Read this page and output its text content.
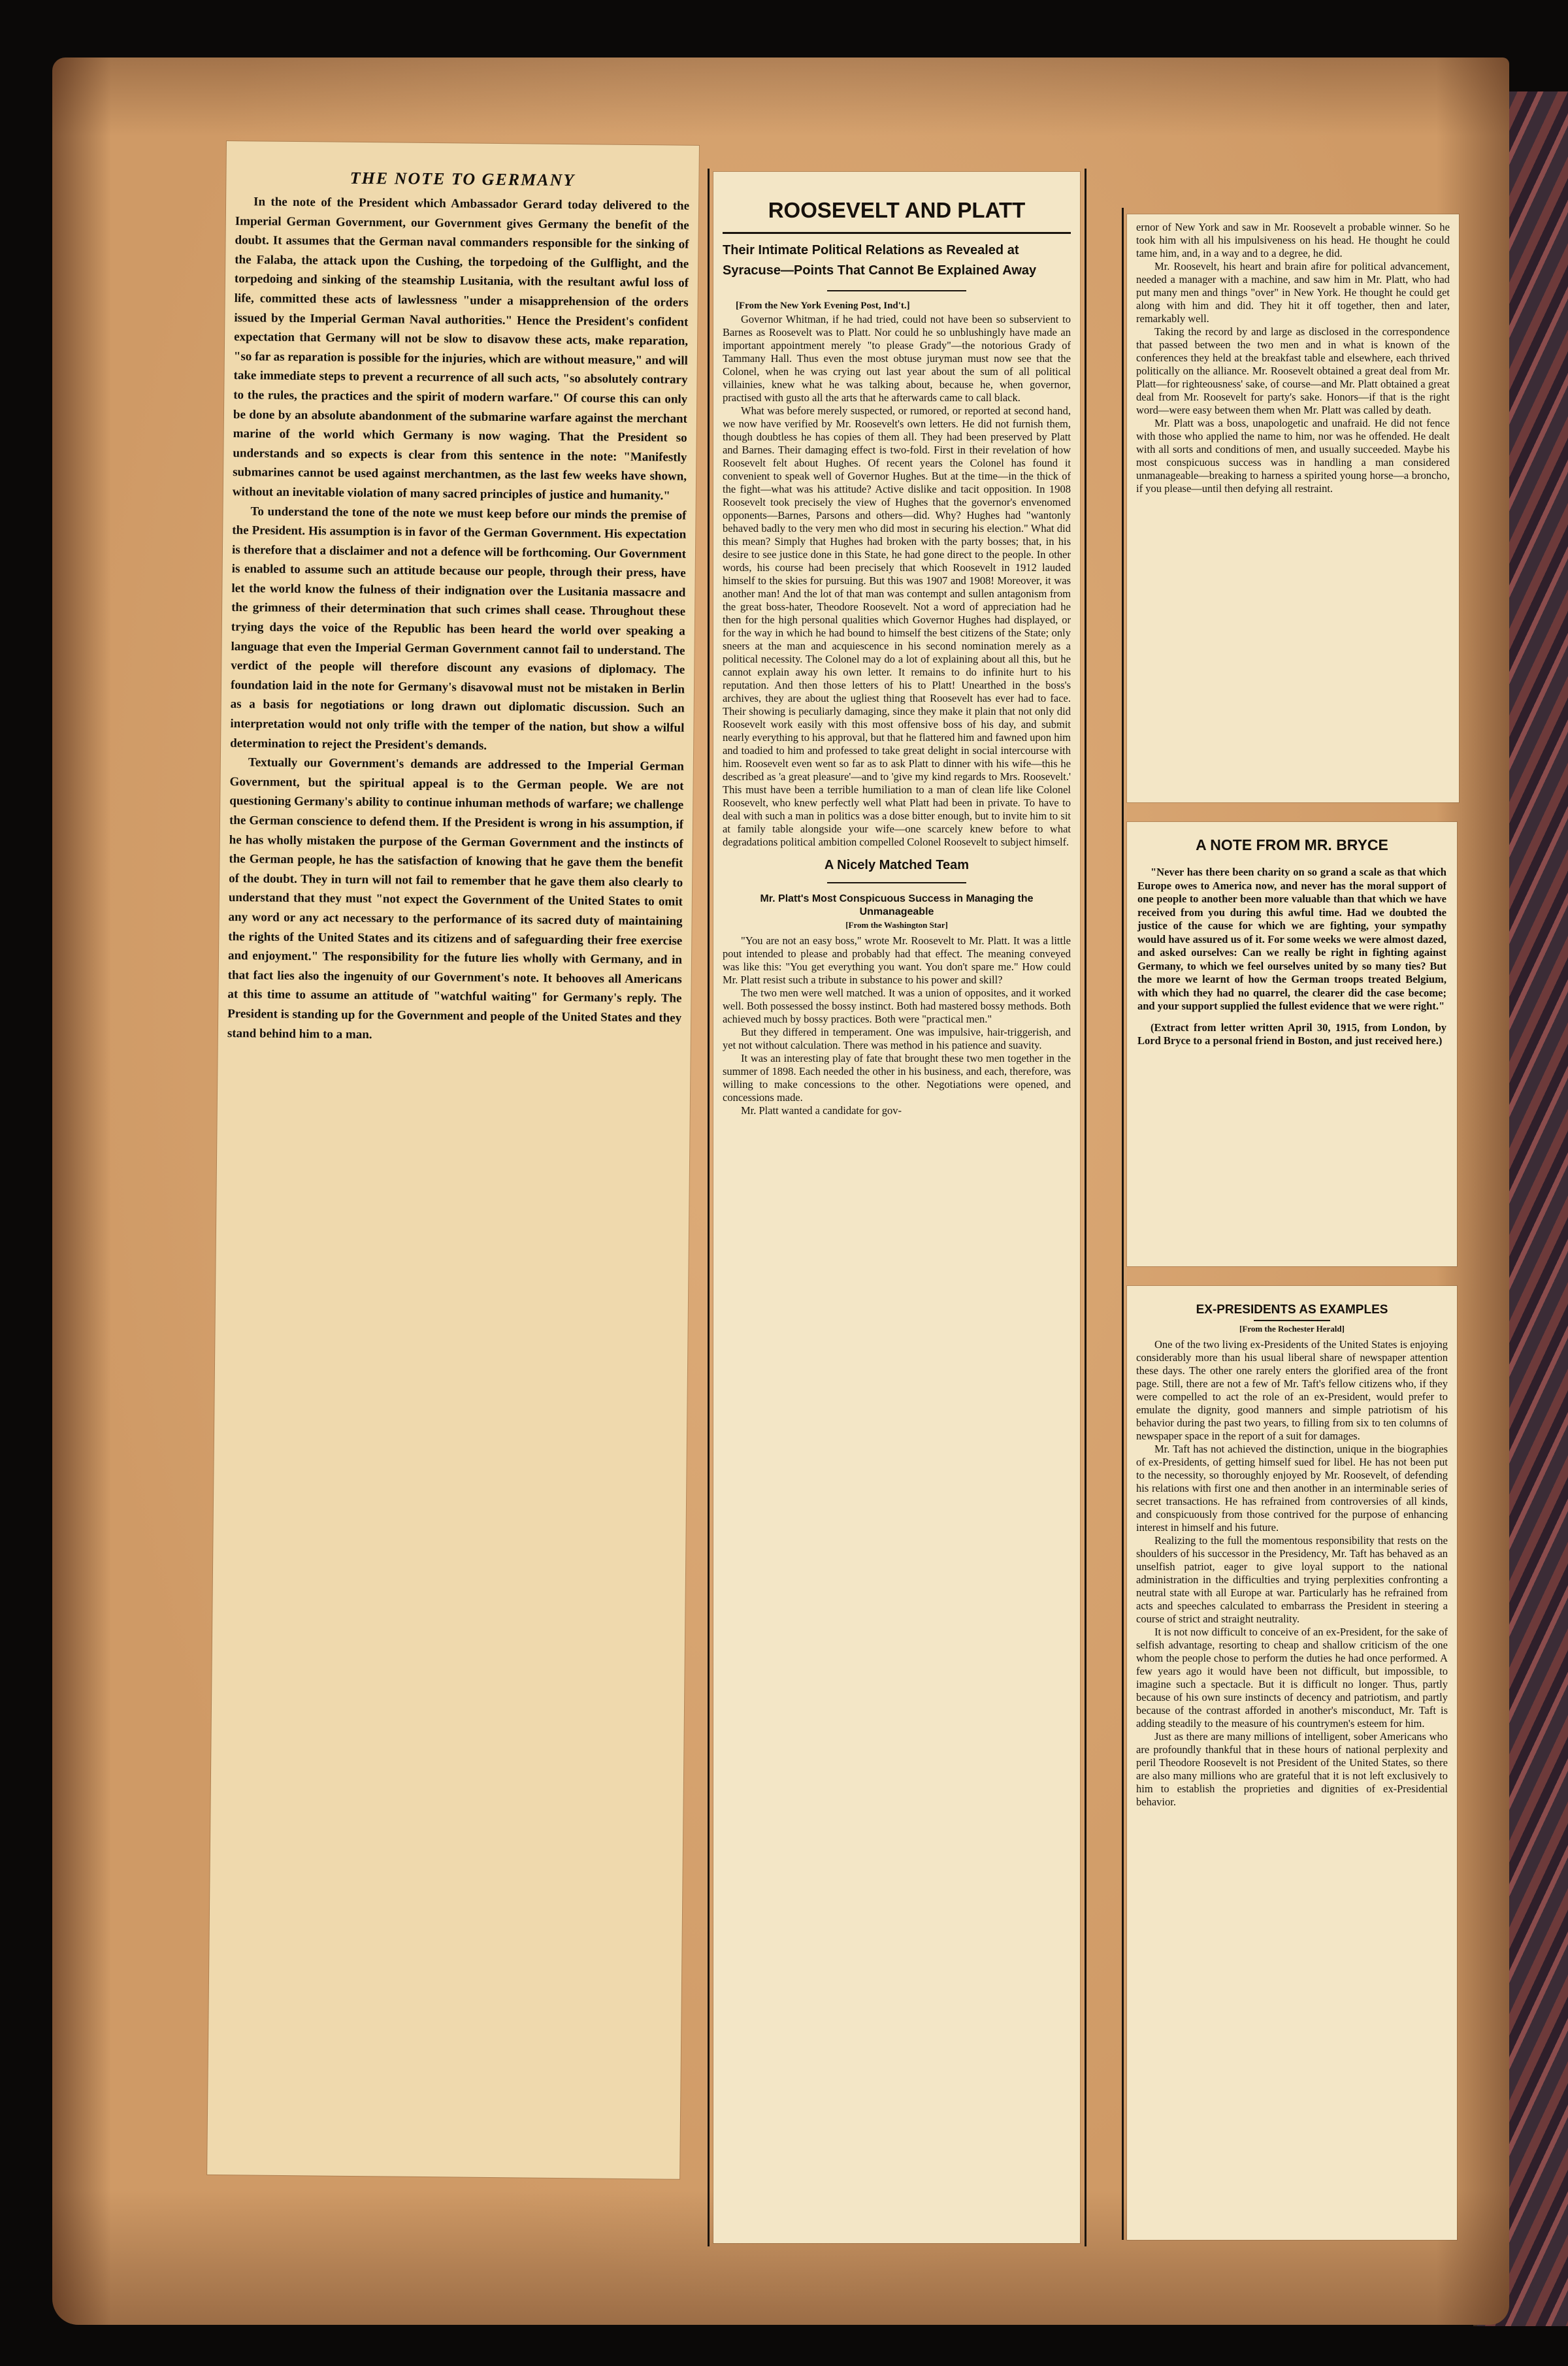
THE NOTE TO GERMANY

In the note of the President which Ambassador Gerard today delivered to the Imperial German Government, our Government gives Germany the benefit of the doubt. It assumes that the German naval commanders responsible for the sinking of the Falaba, the attack upon the Cushing, the torpedoing of the Gulflight, and the torpedoing and sinking of the steamship Lusitania, with the resultant awful loss of life, committed these acts of lawlessness "under a misapprehension of the orders issued by the Imperial German Naval authorities." Hence the President's confident expectation that Germany will not be slow to disavow these acts, make reparation, "so far as reparation is possible for the injuries, which are without measure," and will take immediate steps to prevent a recurrence of all such acts, "so absolutely contrary to the rules, the practices and the spirit of modern warfare." Of course this can only be done by an absolute abandonment of the submarine warfare against the merchant marine of the world which Germany is now waging. That the President so understands and so expects is clear from this sentence in the note: "Manifestly submarines cannot be used against merchantmen, as the last few weeks have shown, without an inevitable violation of many sacred principles of justice and humanity."

To understand the tone of the note we must keep before our minds the premise of the President. His assumption is in favor of the German Government. His expectation is therefore that a disclaimer and not a defence will be forthcoming. Our Government is enabled to assume such an attitude because our people, through their press, have let the world know the fulness of their indignation over the Lusitania massacre and the grimness of their determination that such crimes shall cease. Throughout these trying days the voice of the Republic has been heard the world over speaking a language that even the Imperial German Government cannot fail to understand. The verdict of the people will therefore discount any evasions of diplomacy. The foundation laid in the note for Germany's disavowal must not be mistaken in Berlin as a basis for negotiations or long drawn out diplomatic discussion. Such an interpretation would not only trifle with the temper of the nation, but show a wilful determination to reject the President's demands.

Textually our Government's demands are addressed to the Imperial German Government, but the spiritual appeal is to the German people. We are not questioning Germany's ability to continue inhuman methods of warfare; we challenge the German conscience to defend them. If the President is wrong in his assumption, if he has wholly mistaken the purpose of the German Government and the instincts of the German people, he has the satisfaction of knowing that he gave them the benefit of the doubt. They in turn will not fail to remember that he gave them also clearly to understand that they must "not expect the Government of the United States to omit any word or any act necessary to the performance of its sacred duty of maintaining the rights of the United States and its citizens and of safeguarding their free exercise and enjoyment." The responsibility for the future lies wholly with Germany, and in that fact lies also the ingenuity of our Government's note. It behooves all Americans at this time to assume an attitude of "watchful waiting" for Germany's reply. The President is standing up for the Government and people of the United States and they stand behind him to a man.

ROOSEVELT AND PLATT
Their Intimate Political Relations as Revealed at Syracuse—Points That Cannot Be Explained Away
[From the New York Evening Post, Ind't.]

Governor Whitman, if he had tried, could not have been so subservient to Barnes as Roosevelt was to Platt. Nor could he so unblushingly have made an important appointment merely "to please Grady"—the notorious Grady of Tammany Hall. Thus even the most obtuse juryman must now see that the Colonel, when he was crying out last year about the sum of all political villainies, knew what he was talking about, because he, when governor, practised with gusto all the arts that he afterwards came to call black.

What was before merely suspected, or rumored, or reported at second hand, we now have verified by Mr. Roosevelt's own letters. He did not furnish them, though doubtless he has copies of them all. They had been preserved by Platt and Barnes. Their damaging effect is two-fold. First in their revelation of how Roosevelt felt about Hughes. Of recent years the Colonel has found it convenient to speak well of Governor Hughes. But at the time—in the thick of the fight—what was his attitude? Active dislike and tacit opposition. In 1908 Roosevelt took precisely the view of Hughes that the governor's envenomed opponents—Barnes, Parsons and others—did. Why? Hughes had "wantonly behaved badly to the very men who did most in securing his election." What did this mean? Simply that Hughes had broken with the party bosses; that, in his desire to see justice done in this State, he had gone direct to the people. In other words, his course had been precisely that which Roosevelt in 1912 lauded himself to the skies for pursuing. But this was 1907 and 1908! Moreover, it was another man! And the lot of that man was contempt and sullen antagonism from the great boss-hater, Theodore Roosevelt. Not a word of appreciation had he then for the high personal qualities which Governor Hughes had displayed, or for the way in which he had bound to himself the best citizens of the State; only sneers at the man and acquiescence in his second nomination merely as a political necessity. The Colonel may do a lot of explaining about all this, but he cannot explain away his own letter. It remains to do infinite hurt to his reputation. And then those letters of his to Platt! Unearthed in the boss's archives, they are about the ugliest thing that Roosevelt has ever had to face. Their showing is peculiarly damaging, since they make it plain that not only did Roosevelt work easily with this most offensive boss of his day, and submit nearly everything to his approval, but that he flattered him and fawned upon him and toadied to him and professed to take great delight in social intercourse with him. Roosevelt even went so far as to ask Platt to dinner with his wife—this he described as 'a great pleasure'—and to 'give my kind regards to Mrs. Roosevelt.' This must have been a terrible humiliation to a man of clean life like Colonel Roosevelt, who knew perfectly well what Platt had been in private. To have to deal with such a man in politics was a dose bitter enough, but to invite him to sit at family table alongside your wife—one scarcely knew before to what degradations political ambition compelled Colonel Roosevelt to subject himself.

A Nicely Matched Team
Mr. Platt's Most Conspicuous Success in Managing the Unmanageable
[From the Washington Star]

"You are not an easy boss," wrote Mr. Roosevelt to Mr. Platt. It was a little pout intended to please and probably had that effect. The meaning conveyed was like this: "You get everything you want. You don't spare me." How could Mr. Platt resist such a tribute in substance to his power and skill?

The two men were well matched. It was a union of opposites, and it worked well. Both possessed the bossy instinct. Both had mastered bossy methods. Both achieved much by bossy practices. Both were "practical men."

But they differed in temperament. One was impulsive, hair-triggerish, and yet not without calculation. There was method in his patience and suavity.

It was an interesting play of fate that brought these two men together in the summer of 1898. Each needed the other in his business, and each, therefore, was willing to make concessions to the other. Negotiations were opened, and concessions made.

Mr. Platt wanted a candidate for gov-

ernor of New York and saw in Mr. Roosevelt a probable winner. So he took him with all his impulsiveness on his head. He thought he could tame him, and, in a way and to a degree, he did.

Mr. Roosevelt, his heart and brain afire for political advancement, needed a manager with a machine, and saw him in Mr. Platt, who had put many men and things "over" in New York. He thought he could get along with him and did. They hit it off together, then and later, remarkably well.

Taking the record by and large as disclosed in the correspondence that passed between the two men and in what is known of the conferences they held at the breakfast table and elsewhere, each thrived politically on the alliance. Mr. Roosevelt obtained a great deal from Mr. Platt—for righteousness' sake, of course—and Mr. Platt obtained a great deal from Mr. Roosevelt for party's sake. Honors—if that is the right word—were easy between them when Mr. Platt was called by death.

Mr. Platt was a boss, unapologetic and unafraid. He did not fence with those who applied the name to him, nor was he offended. He dealt with all sorts and conditions of men, and usually succeeded. Maybe his most conspicuous success was in handling a man considered unmanageable—breaking to harness a spirited young horse—a broncho, if you please—until then defying all restraint.

A NOTE FROM MR. BRYCE

"Never has there been charity on so grand a scale as that which Europe owes to America now, and never has the moral support of one people to another been more valuable than that which we have received from you during this awful time. Had we doubted the justice of the cause for which we are fighting, your sympathy would have assured us of it. For some weeks we were almost dazed, and asked ourselves: Can we really be right in fighting against Germany, to which we feel ourselves united by so many ties? But the more we learnt of how the German troops treated Belgium, with which they had no quarrel, the clearer did the case become; and your support supplied the fullest evidence that we were right."

(Extract from letter written April 30, 1915, from London, by Lord Bryce to a personal friend in Boston, and just received here.)

EX-PRESIDENTS AS EXAMPLES
[From the Rochester Herald]

One of the two living ex-Presidents of the United States is enjoying considerably more than his usual liberal share of newspaper attention these days. The other one rarely enters the glorified area of the front page. Still, there are not a few of Mr. Taft's fellow citizens who, if they were compelled to act the role of an ex-President, would prefer to emulate the dignity, good manners and simple patriotism of his behavior during the past two years, to filling from six to ten columns of newspaper space in the report of a suit for damages.

Mr. Taft has not achieved the distinction, unique in the biographies of ex-Presidents, of getting himself sued for libel. He has not been put to the necessity, so thoroughly enjoyed by Mr. Roosevelt, of defending his relations with first one and then another in an interminable series of secret transactions. He has refrained from controversies of all kinds, and conspicuously from those contrived for the purpose of enhancing interest in himself and his future.

Realizing to the full the momentous responsibility that rests on the shoulders of his successor in the Presidency, Mr. Taft has behaved as an unselfish patriot, eager to give loyal support to the national administration in the difficulties and trying perplexities confronting a neutral state with all Europe at war. Particularly has he refrained from acts and speeches calculated to embarrass the President in steering a course of strict and straight neutrality.

It is not now difficult to conceive of an ex-President, for the sake of selfish advantage, resorting to cheap and shallow criticism of the one whom the people chose to perform the duties he had once performed. A few years ago it would have been not difficult, but impossible, to imagine such a spectacle. But it is difficult no longer. Thus, partly because of his own sure instincts of decency and patriotism, and partly because of the contrast afforded in another's misconduct, Mr. Taft is adding steadily to the measure of his countrymen's esteem for him.

Just as there are many millions of intelligent, sober Americans who are profoundly thankful that in these hours of national perplexity and peril Theodore Roosevelt is not President of the United States, so there are also many millions who are grateful that it is not left exclusively to him to establish the proprieties and dignities of ex-Presidential behavior.
